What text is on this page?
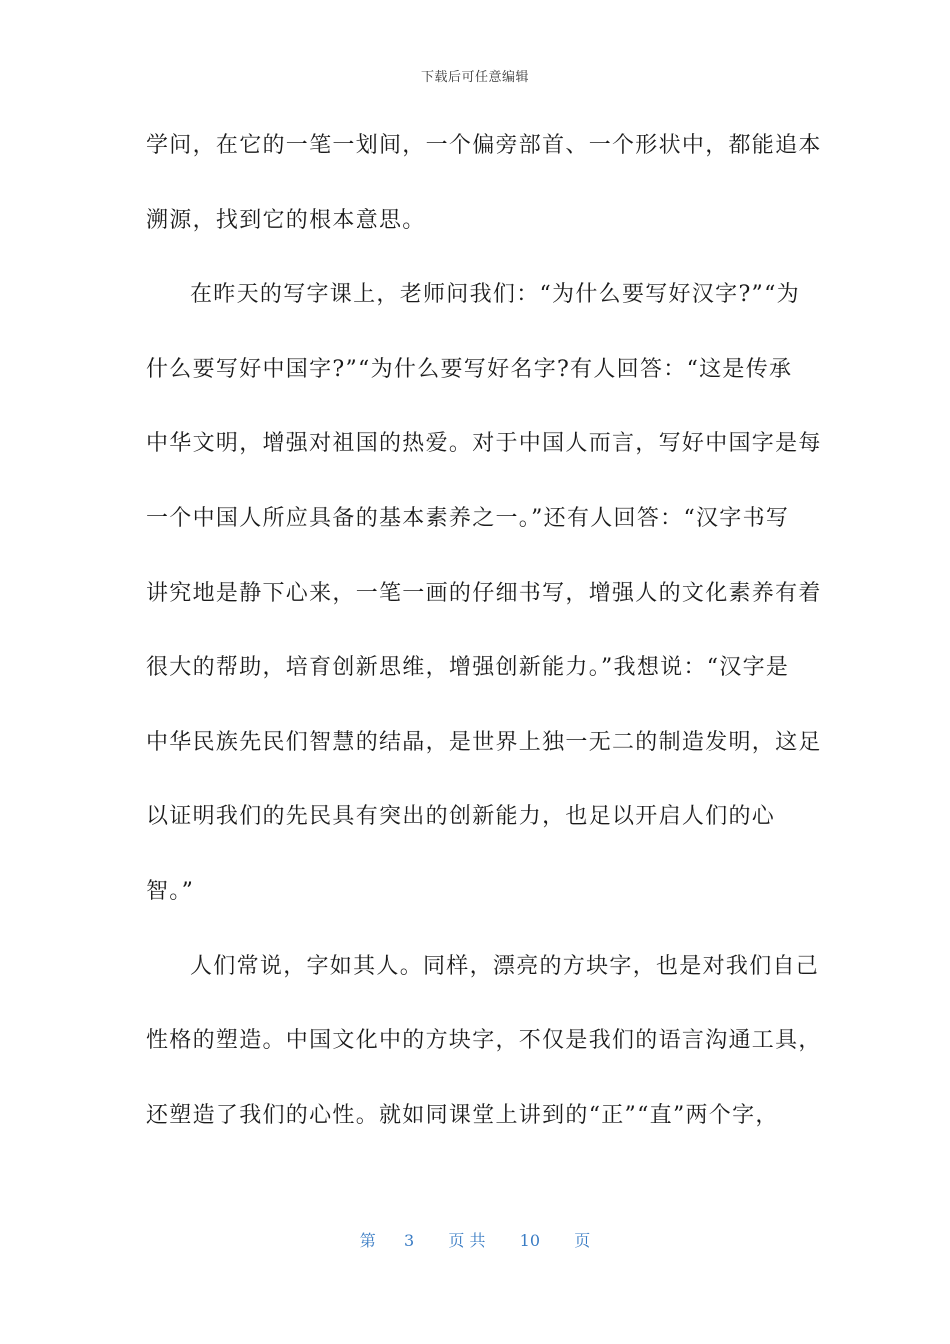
下载后可任意编辑
学问，在它的一笔一划间，一个偏旁部首、一个形状中，都能追本
溯源，找到它的根本意思。
在昨天的写字课上，老师问我们：“为什么要写好汉字?”“为
什么要写好中国字?”“为什么要写好名字?有人回答：“这是传承
中华文明，增强对祖国的热爱。对于中国人而言，写好中国字是每
一个中国人所应具备的基本素养之一。”还有人回答：“汉字书写
讲究地是静下心来，一笔一画的仔细书写，增强人的文化素养有着
很大的帮助，培育创新思维，增强创新能力。”我想说：“汉字是
中华民族先民们智慧的结晶，是世界上独一无二的制造发明，这足
以证明我们的先民具有突出的创新能力，也足以开启人们的心
智。”
人们常说，字如其人。同样，漂亮的方块字，也是对我们自己
性格的塑造。中国文化中的方块字，不仅是我们的语言沟通工具，
还塑造了我们的心性。就如同课堂上讲到的“正”“直”两个字，
第 3 页 共 10 页
